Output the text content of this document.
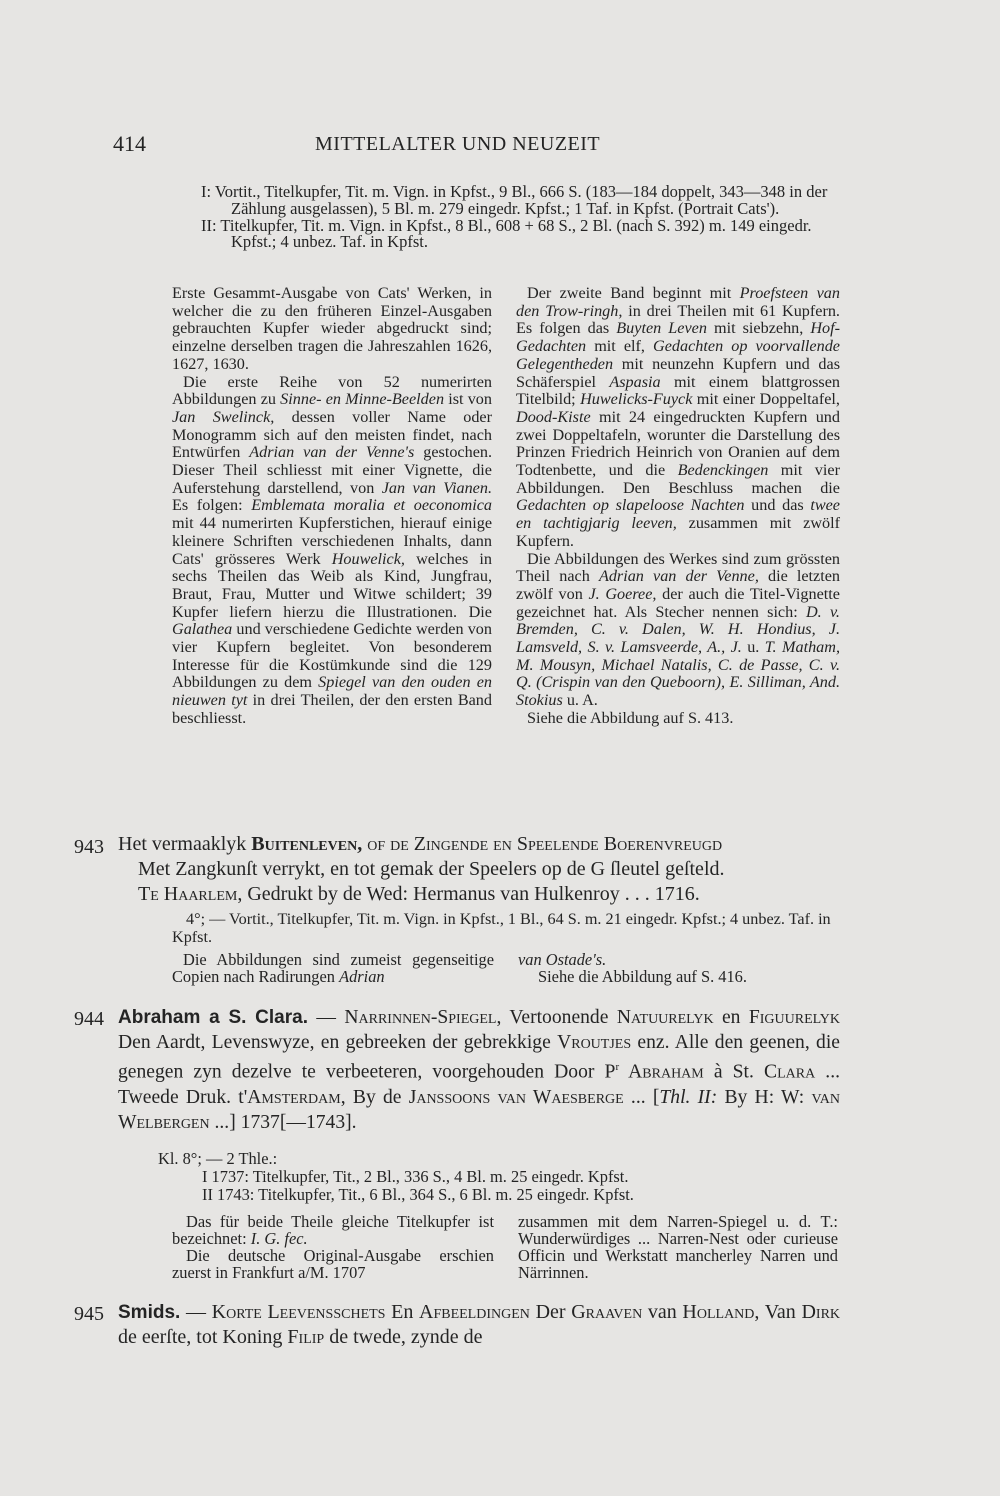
414	MITTELALTER UND NEUZEIT

I: Vortit., Titelkupfer, Tit. m. Vign. in Kpfst., 9 Bl., 666 S. (183—184 doppelt, 343—348 in der Zählung ausgelassen), 5 Bl. m. 279 eingedr. Kpfst.; 1 Taf. in Kpfst. (Portrait Cats').

II: Titelkupfer, Tit. m. Vign. in Kpfst., 8 Bl., 608 + 68 S., 2 Bl. (nach S. 392) m. 149 eingedr. Kpfst.; 4 unbez. Taf. in Kpfst.

Erste Gesammt-Ausgabe von Cats' Werken, in welcher die zu den früheren Einzel-Ausgaben gebrauchten Kupfer wieder abgedruckt sind; einzelne derselben tragen die Jahreszahlen 1626, 1627, 1630.

Die erste Reihe von 52 numerirten Abbildungen zu Sinne- en Minne-Beelden ist von Jan Swelinck, dessen voller Name oder Monogramm sich auf den meisten findet, nach Entwürfen Adrian van der Venne's gestochen. Dieser Theil schliesst mit einer Vignette, die Auferstehung darstellend, von Jan van Vianen. Es folgen: Emblemata moralia et oeconomica mit 44 numerirten Kupferstichen, hierauf einige kleinere Schriften verschiedenen Inhalts, dann Cats' grösseres Werk Houwelick, welches in sechs Theilen das Weib als Kind, Jungfrau, Braut, Frau, Mutter und Witwe schildert; 39 Kupfer liefern hierzu die Illustrationen. Die Galathea und verschiedene Gedichte werden von vier Kupfern begleitet. Von besonderem Interesse für die Kostümkunde sind die 129 Abbildungen zu dem Spiegel van den ouden en nieuwen tyt in drei Theilen, der den ersten Band beschliesst.

Der zweite Band beginnt mit Proefsteen van den Trow-ringh, in drei Theilen mit 61 Kupfern. Es folgen das Buyten Leven mit siebzehn, Hof-Gedachten mit elf, Gedachten op voorvallende Gelegentheden mit neunzehn Kupfern und das Schäferspiel Aspasia mit einem blattgrossen Titelbild; Huwelicks-Fuyck mit einer Doppeltafel, Dood-Kiste mit 24 eingedruckten Kupfern und zwei Doppeltafeln, worunter die Darstellung des Prinzen Friedrich Heinrich von Oranien auf dem Todtenbette, und die Bedenckingen mit vier Abbildungen. Den Beschluss machen die Gedachten op slapeloose Nachten und das twee en tachtigjarig leeven, zusammen mit zwölf Kupfern.

Die Abbildungen des Werkes sind zum grössten Theil nach Adrian van der Venne, die letzten zwölf von J. Goeree, der auch die Titel-Vignette gezeichnet hat. Als Stecher nennen sich: D. v. Bremden, C. v. Dalen, W. H. Hondius, J. Lamsveld, S. v. Lamsveerde, A., J. u. T. Matham, M. Mousyn, Michael Natalis, C. de Passe, C. v. Q. (Crispin van den Queboorn), E. Silliman, And. Stokius u. A.

Siehe die Abbildung auf S. 413.

943 Het vermaaklyk Buitenleven, of de Zingende en Speelende Boerenvreugd

Met Zangkunſt verrykt, en tot gemak der Speelers op de G ſleutel geſteld.

Te Haarlem, Gedrukt by de Wed: Hermanus van Hulkenroy . . . 1716.

4°; — Vortit., Titelkupfer, Tit. m. Vign. in Kpfst., 1 Bl., 64 S. m. 21 eingedr. Kpfst.; 4 unbez. Taf. in Kpfst.
Die Abbildungen sind zumeist gegenseitige Copien nach Radirungen Adrian

van Ostade's.

Siehe die Abbildung auf S. 416.

944 Abraham a S. Clara. — Narrinnen-Spiegel, Vertoonende Natuurelyk en Figuurelyk Den Aardt, Levenswyze, en gebreeken der gebrekkige Vroutjes enz. Alle den geenen, die genegen zyn dezelve te verbeeteren, voorgehouden Door $P^r$ Abraham à St. Clara ... Tweede Druk. t'Amsterdam, By de Janssoons van Waesberge ... [Thl. II: By H: W: van Welbergen ...] 1737[—1743].

Kl. 8°; — 2 Thle.:

I 1737: Titelkupfer, Tit., 2 Bl., 336 S., 4 Bl. m. 25 eingedr. Kpfst.

II 1743: Titelkupfer, Tit., 6 Bl., 364 S., 6 Bl. m. 25 eingedr. Kpfst.

Das für beide Theile gleiche Titelkupfer ist bezeichnet: I. G. fec.

Die deutsche Original-Ausgabe erschien zuerst in Frankfurt a/M. 1707

zusammen mit dem Narren-Spiegel u. d. T.: Wunderwürdiges ... Narren-Nest oder curieuse Officin und Werkstatt mancherley Narren und Närrinnen.
945 Smids. — Korte Leevensschets En Afbeeldingen Der Graaven van Holland, Van Dirk de eerſte, tot Koning Filip de twede, zynde de
